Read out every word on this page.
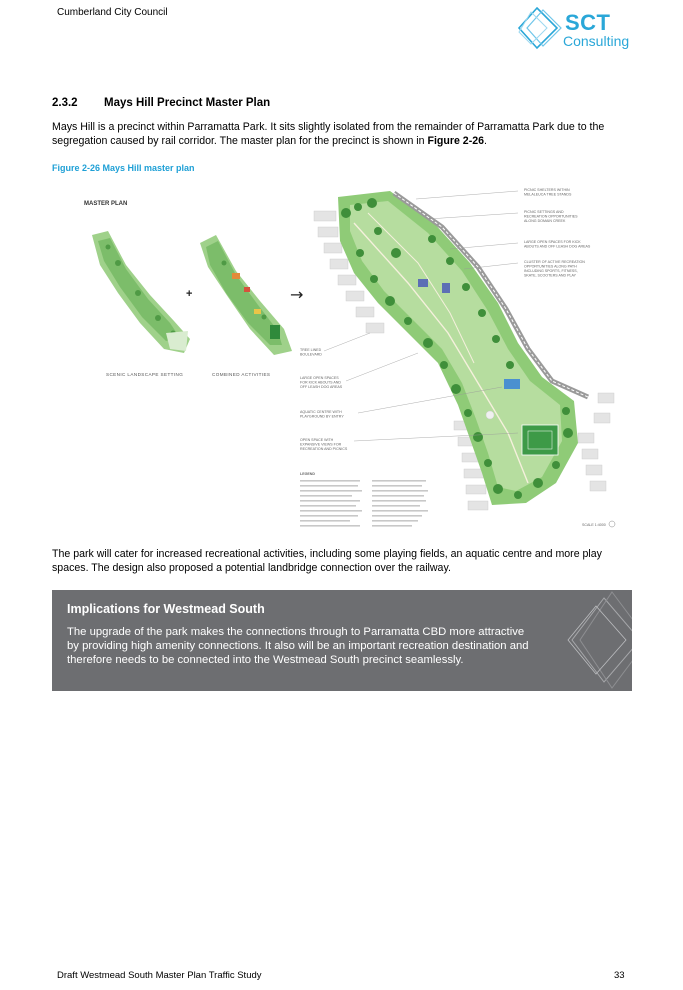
Cumberland City Council	SCT
Consulting
2.3.2 Mays Hill Precinct Master Plan
Mays Hill is a precinct within Parramatta Park. It sits slightly isolated from the remainder of Parramatta Park due to the segregation caused by rail corridor. The master plan for the precinct is shown in Figure 2-26.
Figure 2-26 Mays Hill master plan
MASTER PLAN
+	→
SCENIC LANDSCAPE SETTING	COMBINED ACTIVITIES
PICNIC SHELTERS WITHIN MELALEUCA TREE STANDS
PICNIC SETTINGS AND RECREATION OPPORTUNITIES ALONG DOMAIN CREEK
LARGE OPEN SPACES FOR KICK ABOUTS AND OFF LEASH DOG AREAS
CLUSTER OF ACTIVE RECREATION OPPORTUNITIES ALONG PATH INCLUDING SPORTS, FITNESS, SKATE, SCOOTERS AND PLAY
TREE LINED BOULEVARD
LARGE OPEN SPACES FOR KICK ABOUTS AND OFF LEASH DOG AREAS
AQUATIC CENTRE WITH PLAYGROUND BY ENTRY
OPEN SPACE WITH EXPANSIVE VIEWS FOR RECREATION AND PICNICS
LEGEND
SCALE 1:4000
The park will cater for increased recreational activities, including some playing fields, an aquatic centre and more play spaces. The design also proposed a potential landbridge connection over the railway.
Implications for Westmead South
The upgrade of the park makes the connections through to Parramatta CBD more attractive by providing high amenity connections. It also will be an important recreation destination and therefore needs to be connected into the Westmead South precinct seamlessly.
Draft Westmead South Master Plan Traffic Study	33
